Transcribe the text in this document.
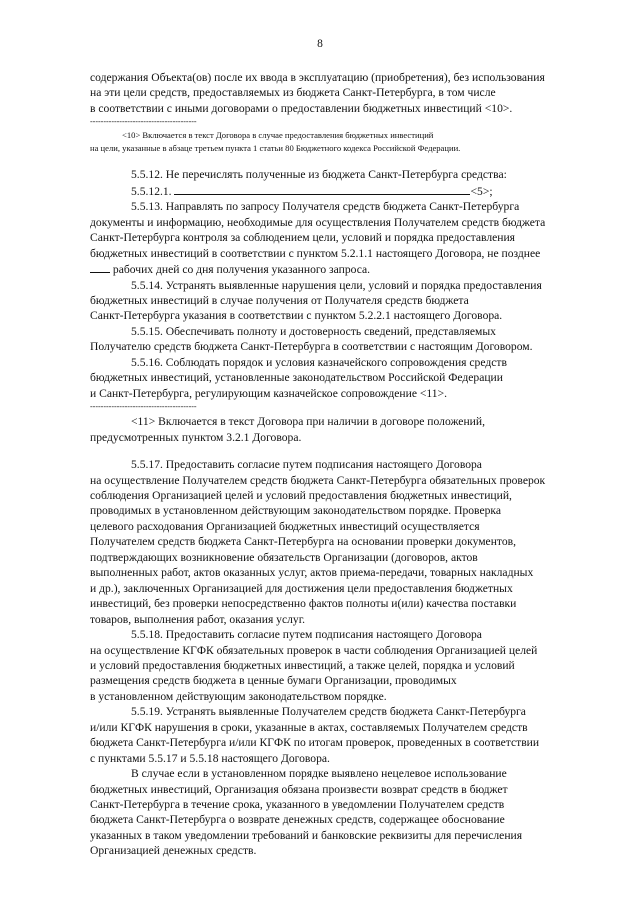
8

содержания Объекта(ов) после их ввода в эксплуатацию (приобретения), без использования

на эти цели средств, предоставляемых из бюджета Санкт-Петербурга, в том числе

в соответствии с иными договорами о предоставлении бюджетных инвестиций <10>.

----------------------------------------

<10> Включается в текст Договора в случае предоставления бюджетных инвестиций

на цели, указанные в абзаце третьем пункта 1 статьи 80 Бюджетного кодекса Российской Федерации.

5.5.12. Не перечислять полученные из бюджета Санкт-Петербурга средства:

5.5.12.1.	<5>;

5.5.13. Направлять по запросу Получателя средств бюджета Санкт-Петербурга

документы и информацию, необходимые для осуществления Получателем средств бюджета

Санкт-Петербурга контроля за соблюдением цели, условий и порядка предоставления

бюджетных инвестиций в соответствии с пунктом 5.2.1.1 настоящего Договора, не позднее

рабочих дней со дня получения указанного запроса.

5.5.14. Устранять выявленные нарушения цели, условий и порядка предоставления

бюджетных инвестиций в случае получения от Получателя средств бюджета

Санкт-Петербурга указания в соответствии с пунктом 5.2.2.1 настоящего Договора.

5.5.15. Обеспечивать полноту и достоверность сведений, представляемых

Получателю средств бюджета Санкт-Петербурга в соответствии с настоящим Договором.

5.5.16. Соблюдать порядок и условия казначейского сопровождения средств

бюджетных инвестиций, установленные законодательством Российской Федерации

и Санкт-Петербурга, регулирующим казначейское сопровождение <11>.

----------------------------------------

<11> Включается в текст Договора при наличии в договоре положений,

предусмотренных пунктом 3.2.1 Договора.

5.5.17. Предоставить согласие путем подписания настоящего Договора

на осуществление Получателем средств бюджета Санкт-Петербурга обязательных проверок

соблюдения Организацией целей и условий предоставления бюджетных инвестиций,

проводимых в установленном действующим законодательством порядке. Проверка

целевого расходования Организацией бюджетных инвестиций осуществляется

Получателем средств бюджета Санкт-Петербурга на основании проверки документов,

подтверждающих возникновение обязательств Организации (договоров, актов

выполненных работ, актов оказанных услуг, актов приема-передачи, товарных накладных

и др.), заключенных Организацией для достижения цели предоставления бюджетных

инвестиций, без проверки непосредственно фактов полноты и(или) качества поставки

товаров, выполнения работ, оказания услуг.

5.5.18. Предоставить согласие путем подписания настоящего Договора

на осуществление КГФК обязательных проверок в части соблюдения Организацией целей

и условий предоставления бюджетных инвестиций, а также целей, порядка и условий

размещения средств бюджета в ценные бумаги Организации, проводимых

в установленном действующим законодательством порядке.

5.5.19. Устранять выявленные Получателем средств бюджета Санкт-Петербурга

и/или КГФК нарушения в сроки, указанные в актах, составляемых Получателем средств

бюджета Санкт-Петербурга и/или КГФК по итогам проверок, проведенных в соответствии

с пунктами 5.5.17 и 5.5.18 настоящего Договора.

В случае если в установленном порядке выявлено нецелевое использование

бюджетных инвестиций, Организация обязана произвести возврат средств в бюджет

Санкт-Петербурга в течение срока, указанного в уведомлении Получателем средств

бюджета Санкт-Петербурга о возврате денежных средств, содержащее обоснование

указанных в таком уведомлении требований и банковские реквизиты для перечисления

Организацией денежных средств.
